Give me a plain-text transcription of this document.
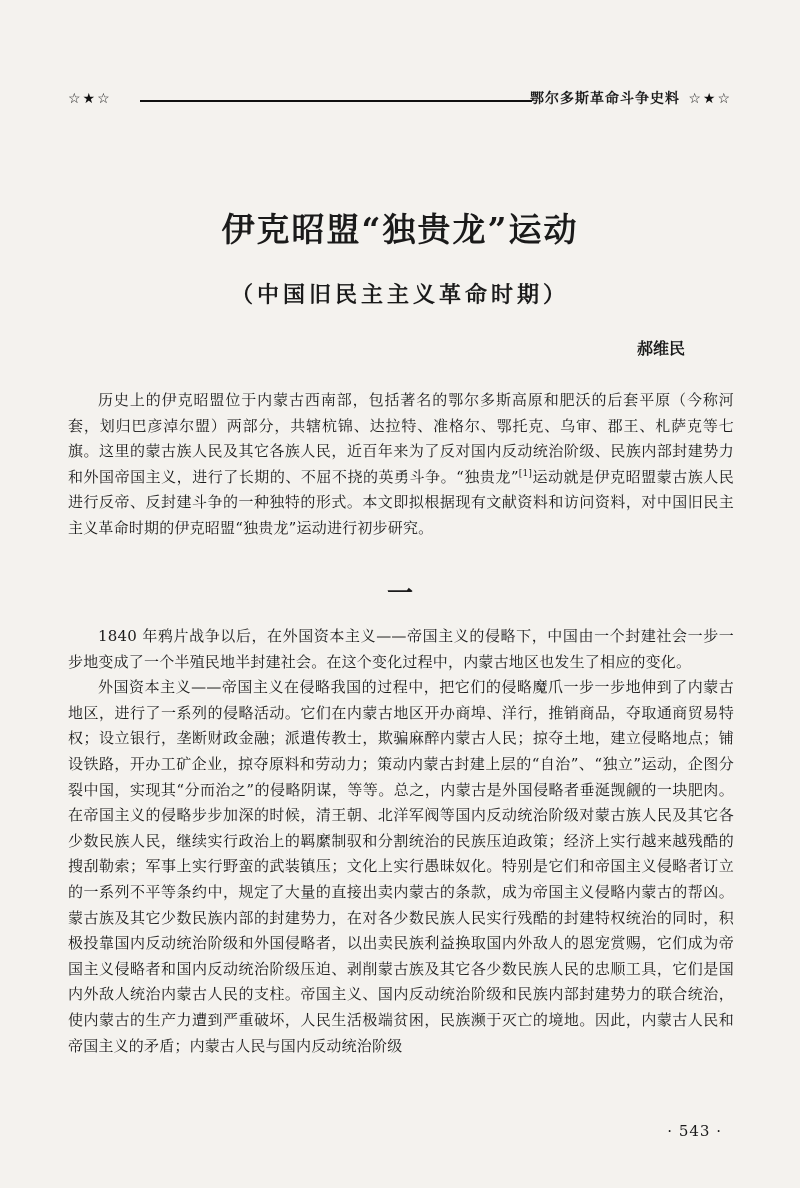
☆★☆	鄂尔多斯革命斗争史料 ☆★☆
伊克昭盟“独贵龙”运动
（中国旧民主主义革命时期）
郝维民

历史上的伊克昭盟位于内蒙古西南部，包括著名的鄂尔多斯高原和肥沃的后套平原（今称河套，划归巴彦淖尔盟）两部分，共辖杭锦、达拉特、准格尔、鄂托克、乌审、郡王、札萨克等七旗。这里的蒙古族人民及其它各族人民，近百年来为了反对国内反动统治阶级、民族内部封建势力和外国帝国主义，进行了长期的、不屈不挠的英勇斗争。“独贵龙”[1]运动就是伊克昭盟蒙古族人民进行反帝、反封建斗争的一种独特的形式。本文即拟根据现有文献资料和访问资料，对中国旧民主主义革命时期的伊克昭盟“独贵龙”运动进行初步研究。

一

1840 年鸦片战争以后，在外国资本主义——帝国主义的侵略下，中国由一个封建社会一步一步地变成了一个半殖民地半封建社会。在这个变化过程中，内蒙古地区也发生了相应的变化。

外国资本主义——帝国主义在侵略我国的过程中，把它们的侵略魔爪一步一步地伸到了内蒙古地区，进行了一系列的侵略活动。它们在内蒙古地区开办商埠、洋行，推销商品，夺取通商贸易特权；设立银行，垄断财政金融；派遣传教士，欺骗麻醉内蒙古人民；掠夺土地，建立侵略地点；铺设铁路，开办工矿企业，掠夺原料和劳动力；策动内蒙古封建上层的“自治”、“独立”运动，企图分裂中国，实现其“分而治之”的侵略阴谋，等等。总之，内蒙古是外国侵略者垂涎觊觎的一块肥肉。在帝国主义的侵略步步加深的时候，清王朝、北洋军阀等国内反动统治阶级对蒙古族人民及其它各少数民族人民，继续实行政治上的羁縻制驭和分割统治的民族压迫政策；经济上实行越来越残酷的搜刮勒索；军事上实行野蛮的武装镇压；文化上实行愚昧奴化。特别是它们和帝国主义侵略者订立的一系列不平等条约中，规定了大量的直接出卖内蒙古的条款，成为帝国主义侵略内蒙古的帮凶。蒙古族及其它少数民族内部的封建势力，在对各少数民族人民实行残酷的封建特权统治的同时，积极投靠国内反动统治阶级和外国侵略者，以出卖民族利益换取国内外敌人的恩宠赏赐，它们成为帝国主义侵略者和国内反动统治阶级压迫、剥削蒙古族及其它各少数民族人民的忠顺工具，它们是国内外敌人统治内蒙古人民的支柱。帝国主义、国内反动统治阶级和民族内部封建势力的联合统治，使内蒙古的生产力遭到严重破坏，人民生活极端贫困，民族濒于灭亡的境地。因此，内蒙古人民和帝国主义的矛盾；内蒙古人民与国内反动统治阶级

· 543 ·
